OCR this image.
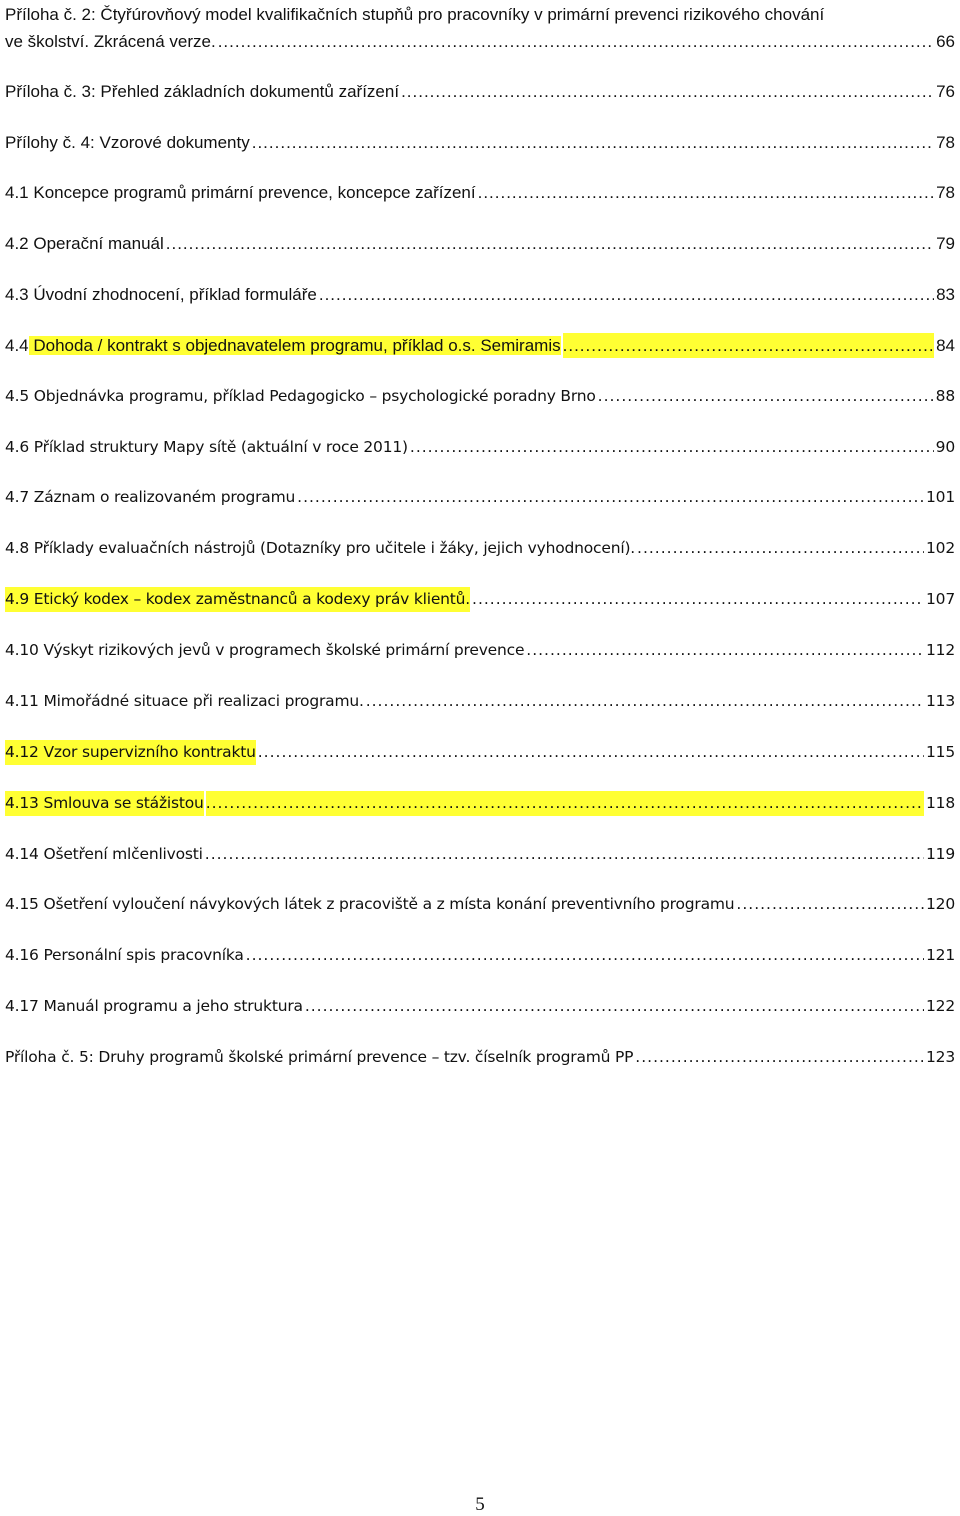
Příloha č. 2: Čtyřúrovňový model kvalifikačních stupňů pro pracovníky v primární prevenci rizikového chování
ve školství. Zkrácená verze. .....	66
Příloha č. 3: Přehled základních dokumentů zařízení .....	76
Přílohy č. 4: Vzorové dokumenty .....	78
4.1 Koncepce programů primární prevence, koncepce zařízení .....	78
4.2 Operační manuál .....	79
4.3 Úvodní zhodnocení, příklad formuláře .....	83
4.4 Dohoda / kontrakt s objednavatelem programu, příklad o.s. Semiramis .....	84
4.5 Objednávka programu, příklad Pedagogicko – psychologické poradny Brno .....	88
4.6 Příklad struktury Mapy sítě (aktuální v roce 2011) .....	90
4.7 Záznam o realizovaném programu .....	101
4.8 Příklady evaluačních nástrojů (Dotazníky pro učitele i žáky, jejich vyhodnocení). .....	102
4.9 Etický kodex – kodex zaměstnanců a kodexy práv klientů. .....	107
4.10 Výskyt rizikových jevů v programech školské primární prevence .....	112
4.11 Mimořádné situace při realizaci programu. .....	113
4.12 Vzor supervizního kontraktu .....	115
4.13 Smlouva se stážistou .....	118
4.14 Ošetření mlčenlivosti .....	119
4.15 Ošetření vyloučení návykových látek z pracoviště a z místa konání preventivního programu .....	120
4.16 Personální spis pracovníka .....	121
4.17 Manuál programu a jeho struktura .....	122
Příloha č. 5: Druhy programů školské primární prevence – tzv. číselník programů PP .....	123
5
